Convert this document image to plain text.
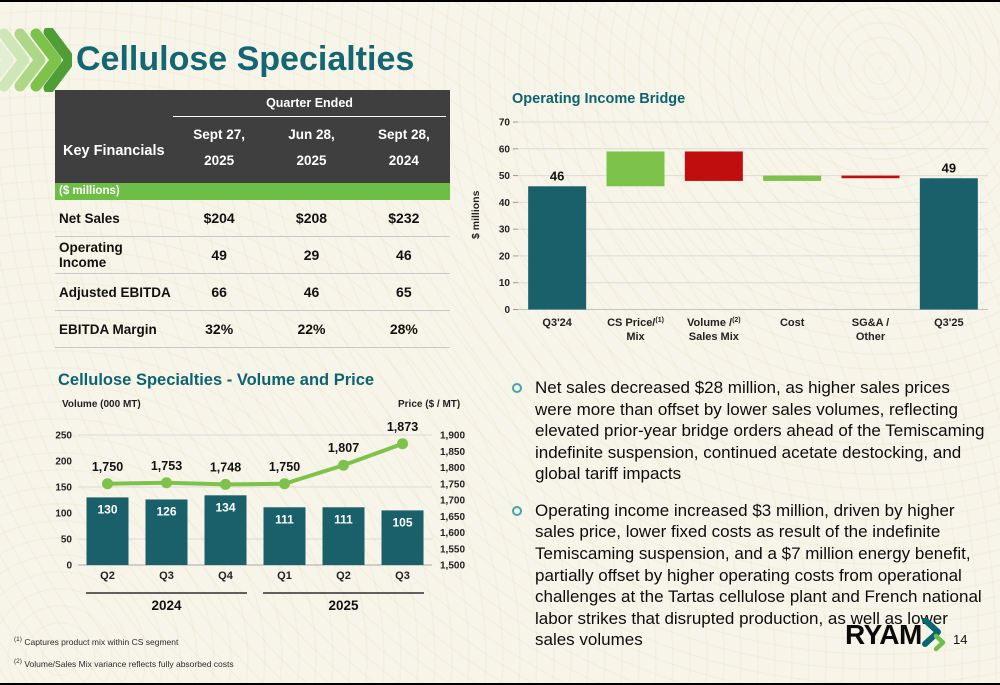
Cellulose Specialties
Key Financials
Quarter Ended
Sept 27,
2025
Jun 28,
2025
Sept 28,
2024
($ millions)
Net Sales	$204	$208	$232
Operating Income	49	29	46
Adjusted EBITDA	66	46	65
EBITDA Margin	32%	22%	28%
Operating Income Bridge
$ millions
0
10
20
30
40
50
60
70
46
Q3'24	CS Price/$^{(1)}$
Mix
Volume /$^{(2)}$
Sales Mix
Cost	SG&A /
Other
49
Q3'25
Cellulose Specialties - Volume and Price
Volume (000 MT)	Price ($ / MT)
0
50
100
150
200
250
1,500
1,550
1,600
1,650
1,700
1,750
1,800
1,850
1,900
130
Q2
126
Q3
134
Q4
111
Q1
111
Q2
105
Q3
2024	2025
1,750 1,753 1,748 1,750
1,807
1,873
Net sales decreased $28 million, as higher sales prices were more than offset by lower sales volumes, reflecting elevated prior-year bridge orders ahead of the Temiscaming indefinite suspension, continued acetate destocking, and global tariff impacts
Operating income increased $3 million, driven by higher sales price, lower fixed costs as result of the indefinite Temiscaming suspension, and a $7 million energy benefit, partially offset by higher operating costs from operational challenges at the Tartas cellulose plant and French national labor strikes that disrupted production, as well as lower sales volumes
$^{(1)}$ Captures product mix within CS segment
$^{(2)}$ Volume/Sales Mix variance reflects fully absorbed costs
RYAM 14
